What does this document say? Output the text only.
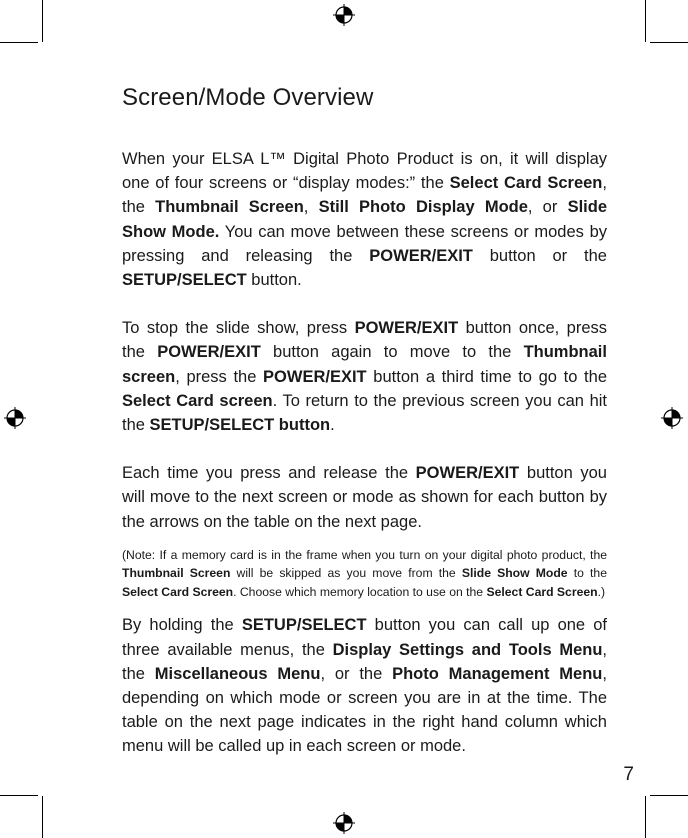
Screen/Mode Overview

When your ELSA L™ Digital Photo Product is on, it will display one of four screens or “display modes:” the Select Card Screen, the Thumbnail Screen, Still Photo Display Mode, or Slide Show Mode. You can move between these screens or modes by pressing and releasing the POWER/EXIT button or the SETUP/SELECT button.

To stop the slide show, press POWER/EXIT button once, press the POWER/EXIT button again to move to the Thumbnail screen, press the POWER/EXIT button a third time to go to the Select Card screen. To return to the previous screen you can hit the SETUP/SELECT button.

Each time you press and release the POWER/EXIT button you will move to the next screen or mode as shown for each button by the arrows on the table on the next page.

(Note: If a memory card is in the frame when you turn on your digital photo product, the Thumbnail Screen will be skipped as you move from the Slide Show Mode to the Select Card Screen. Choose which memory location to use on the Select Card Screen.)

By holding the SETUP/SELECT button you can call up one of three available menus, the Display Settings and Tools Menu, the Miscellaneous Menu, or the Photo Management Menu, depending on which mode or screen you are in at the time. The table on the next page indicates in the right hand column which menu will be called up in each screen or mode.

7
